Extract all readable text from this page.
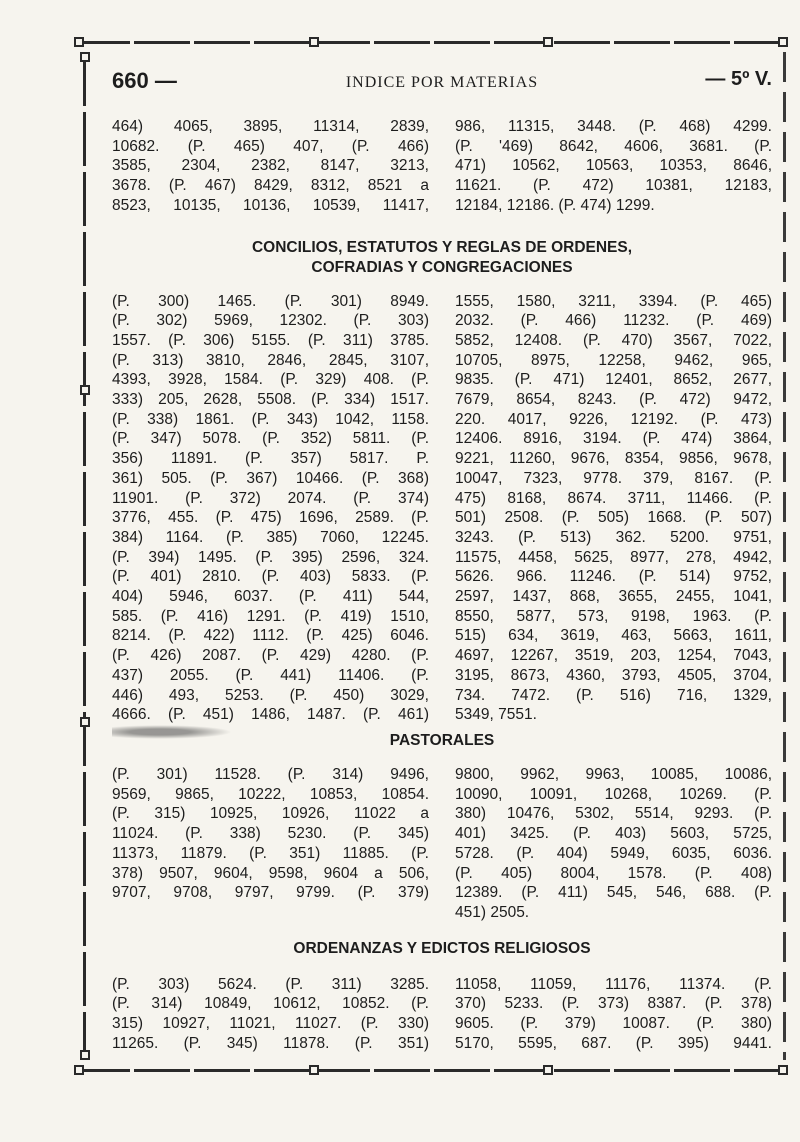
660 —	INDICE POR MATERIAS	— 5º V.
464) 4065, 3895, 11314, 2839,
10682. (P. 465) 407, (P. 466)
3585, 2304, 2382, 8147, 3213,
3678. (P. 467) 8429, 8312, 8521 a
8523, 10135, 10136, 10539, 11417,
986, 11315, 3448. (P. 468) 4299.
(P. '469) 8642, 4606, 3681. (P.
471) 10562, 10563, 10353, 8646,
11621. (P. 472) 10381, 12183,
12184, 12186. (P. 474) 1299.
CONCILIOS, ESTATUTOS Y REGLAS DE ORDENES,
COFRADIAS Y CONGREGACIONES
(P. 300) 1465. (P. 301) 8949.
(P. 302) 5969, 12302. (P. 303)
1557. (P. 306) 5155. (P. 311) 3785.
(P. 313) 3810, 2846, 2845, 3107,
4393, 3928, 1584. (P. 329) 408. (P.
333) 205, 2628, 5508. (P. 334) 1517.
(P. 338) 1861. (P. 343) 1042, 1158.
(P. 347) 5078. (P. 352) 5811. (P.
356) 11891. (P. 357) 5817. P.
361) 505. (P. 367) 10466. (P. 368)
11901. (P. 372) 2074. (P. 374)
3776, 455. (P. 475) 1696, 2589. (P.
384) 1164. (P. 385) 7060, 12245.
(P. 394) 1495. (P. 395) 2596, 324.
(P. 401) 2810. (P. 403) 5833. (P.
404) 5946, 6037. (P. 411) 544,
585. (P. 416) 1291. (P. 419) 1510,
8214. (P. 422) 1112. (P. 425) 6046.
(P. 426) 2087. (P. 429) 4280. (P.
437) 2055. (P. 441) 11406. (P.
446) 493, 5253. (P. 450) 3029,
4666. (P. 451) 1486, 1487. (P. 461)
1555, 1580, 3211, 3394. (P. 465)
2032. (P. 466) 11232. (P. 469)
5852, 12408. (P. 470) 3567, 7022,
10705, 8975, 12258, 9462, 965,
9835. (P. 471) 12401, 8652, 2677,
7679, 8654, 8243. (P. 472) 9472,
220. 4017, 9226, 12192. (P. 473)
12406. 8916, 3194. (P. 474) 3864,
9221, 11260, 9676, 8354, 9856, 9678,
10047, 7323, 9778. 379, 8167. (P.
475) 8168, 8674. 3711, 11466. (P.
501) 2508. (P. 505) 1668. (P. 507)
3243. (P. 513) 362. 5200. 9751,
11575, 4458, 5625, 8977, 278, 4942,
5626. 966. 11246. (P. 514) 9752,
2597, 1437, 868, 3655, 2455, 1041,
8550, 5877, 573, 9198, 1963. (P.
515) 634, 3619, 463, 5663, 1611,
4697, 12267, 3519, 203, 1254, 7043,
3195, 8673, 4360, 3793, 4505, 3704,
734. 7472. (P. 516) 716, 1329,
5349, 7551.
PASTORALES
(P. 301) 11528. (P. 314) 9496,
9569, 9865, 10222, 10853, 10854.
(P. 315) 10925, 10926, 11022 a
11024. (P. 338) 5230. (P. 345)
11373, 11879. (P. 351) 11885. (P.
378) 9507, 9604, 9598, 9604 a 506,
9707, 9708, 9797, 9799. (P. 379)
9800, 9962, 9963, 10085, 10086,
10090, 10091, 10268, 10269. (P.
380) 10476, 5302, 5514, 9293. (P.
401) 3425. (P. 403) 5603, 5725,
5728. (P. 404) 5949, 6035, 6036.
(P. 405) 8004, 1578. (P. 408)
12389. (P. 411) 545, 546, 688. (P.
451) 2505.
ORDENANZAS Y EDICTOS RELIGIOSOS
(P. 303) 5624. (P. 311) 3285.
(P. 314) 10849, 10612, 10852. (P.
315) 10927, 11021, 11027. (P. 330)
11265. (P. 345) 11878. (P. 351)
11058, 11059, 11176, 11374. (P.
370) 5233. (P. 373) 8387. (P. 378)
9605. (P. 379) 10087. (P. 380)
5170, 5595, 687. (P. 395) 9441.
